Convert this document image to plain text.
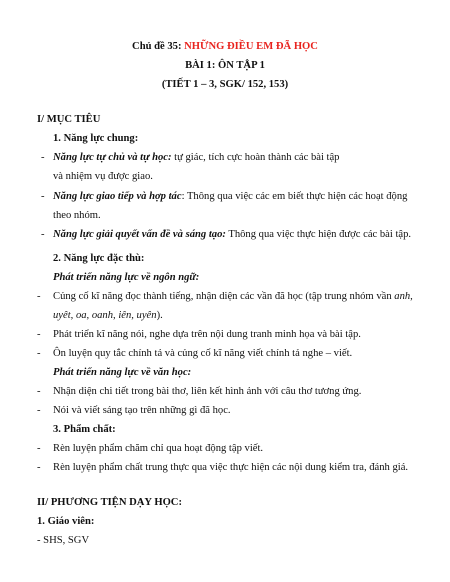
Chủ đề 35: NHỮNG ĐIỀU EM ĐÃ HỌC
BÀI 1: ÔN TẬP 1
(TIẾT 1 – 3, SGK/ 152, 153)
I/ MỤC TIÊU
1. Năng lực chung:
- Năng lực tự chủ và tự học: tự giác, tích cực hoàn thành các bài tập
và nhiệm vụ được giao.
- Năng lực giao tiếp và hợp tác: Thông qua việc các em biết thực hiện các hoạt động
theo nhóm.
- Năng lực giải quyết vấn đề và sáng tạo: Thông qua việc thực hiện được các bài tập.
2. Năng lực đặc thù:
Phát triển năng lực về ngôn ngữ:
- Củng cố kĩ năng đọc thành tiếng, nhận diện các vần đã học (tập trung nhóm vần anh,
uyêt, oa, oanh, iên, uyên).
- Phát triển kĩ năng nói, nghe dựa trên nội dung tranh minh họa và bài tập.
- Ôn luyện quy tắc chính tả và củng cố kĩ năng viết chính tả nghe – viết.
Phát triển năng lực về văn học:
- Nhận diện chi tiết trong bài thơ, liên kết hình ảnh với câu thơ tương ứng.
- Nói và viết sáng tạo trên những gì đã học.
3. Phẩm chất:
- Rèn luyện phẩm chăm chỉ qua hoạt động tập viết.
- Rèn luyện phẩm chất trung thực qua việc thực hiện các nội dung kiểm tra, đánh giá.
II/ PHƯƠNG TIỆN DẠY HỌC:
1. Giáo viên:
- SHS, SGV
